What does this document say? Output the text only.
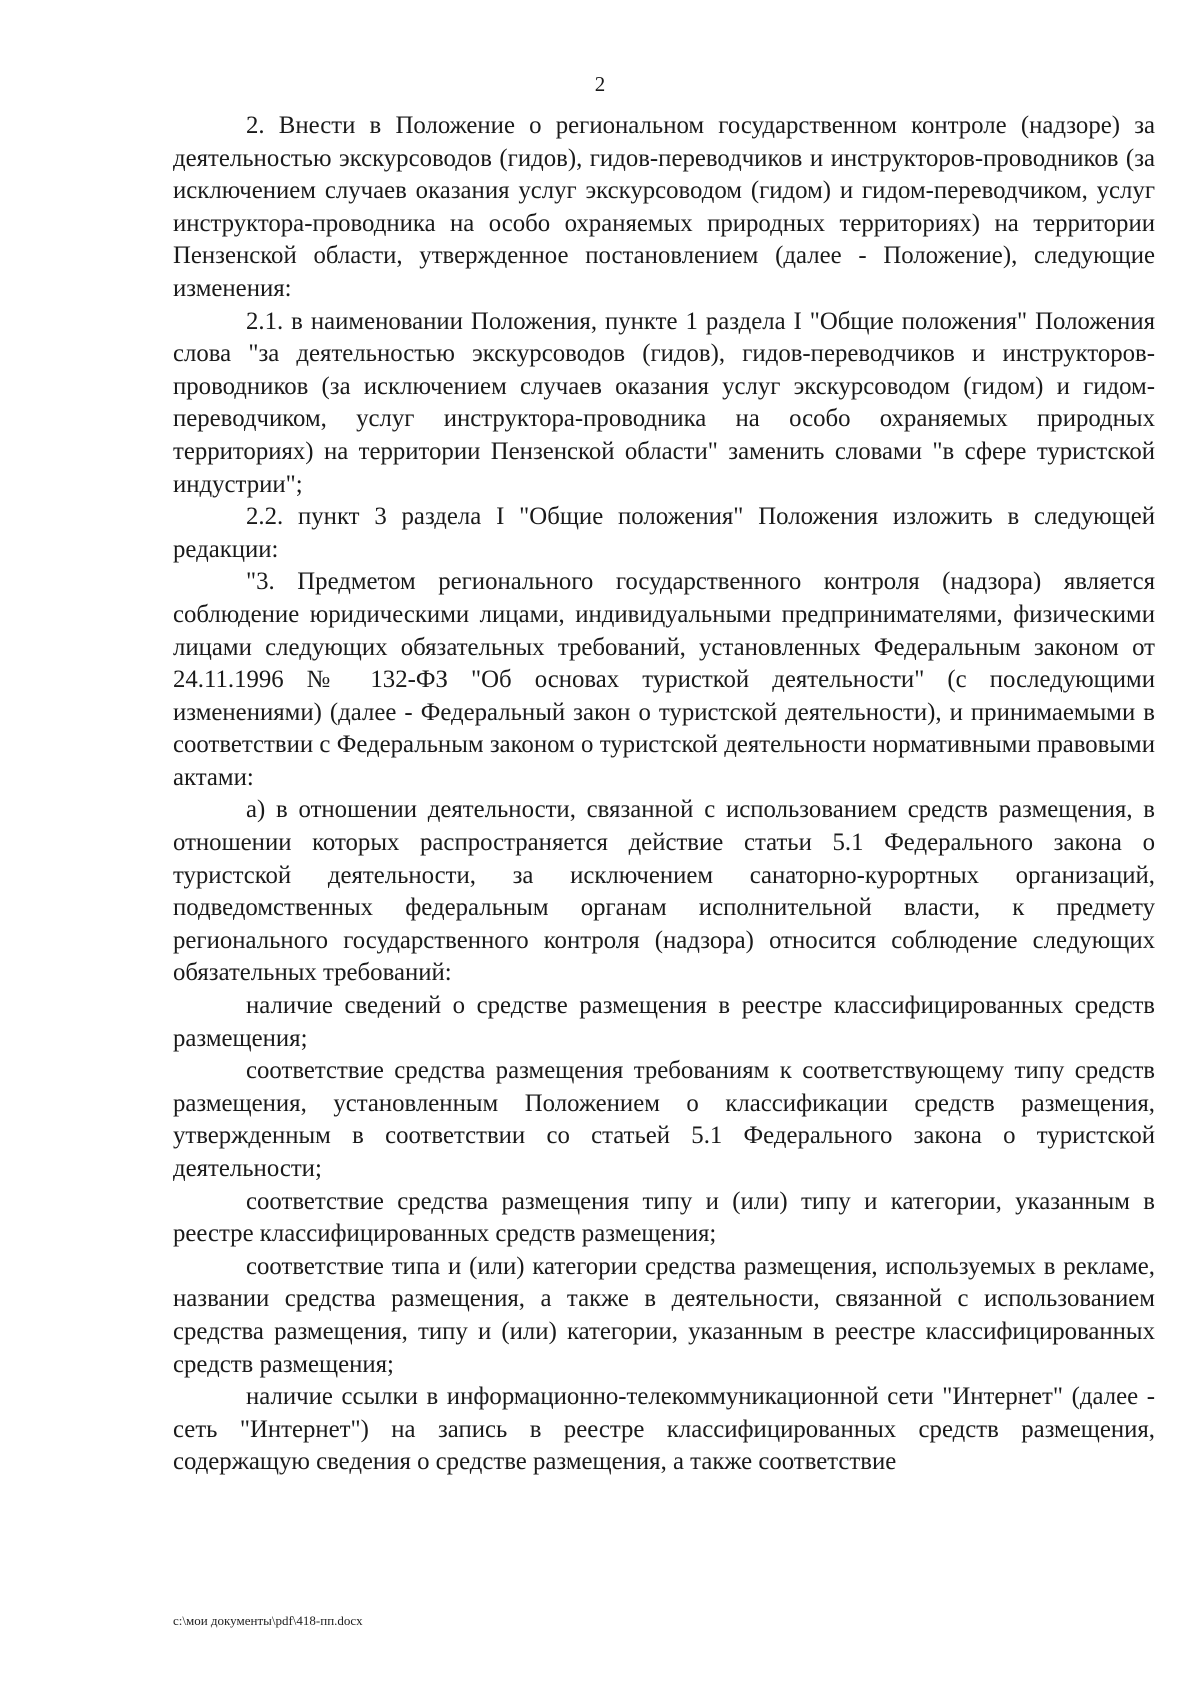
2

2. Внести в Положение о региональном государственном контроле (надзоре) за деятельностью экскурсоводов (гидов), гидов-переводчиков и инструкторов-проводников (за исключением случаев оказания услуг экскурсоводом (гидом) и гидом-переводчиком, услуг инструктора-проводника на особо охраняемых природных территориях) на территории Пензенской области, утвержденное постановлением (далее - Положение), следующие изменения:

2.1. в наименовании Положения, пункте 1 раздела I "Общие положения" Положения слова "за деятельностью экскурсоводов (гидов), гидов-переводчиков и инструкторов-проводников (за исключением случаев оказания услуг экскурсоводом (гидом) и гидом-переводчиком, услуг инструктора-проводника на особо охраняемых природных территориях) на территории Пензенской области" заменить словами "в сфере туристской индустрии";

2.2. пункт 3 раздела I "Общие положения" Положения изложить в следующей редакции:

"3. Предметом регионального государственного контроля (надзора) является соблюдение юридическими лицами, индивидуальными предпринимателями, физическими лицами следующих обязательных требований, установленных Федеральным законом от 24.11.1996 № 132-ФЗ "Об основах туристкой деятельности" (с последующими изменениями) (далее - Федеральный закон о туристской деятельности), и принимаемыми в соответствии с Федеральным законом о туристской деятельности нормативными правовыми актами:

а) в отношении деятельности, связанной с использованием средств размещения, в отношении которых распространяется действие статьи 5.1 Федерального закона о туристской деятельности, за исключением санаторно-курортных организаций, подведомственных федеральным органам исполнительной власти, к предмету регионального государственного контроля (надзора) относится соблюдение следующих обязательных требований:

наличие сведений о средстве размещения в реестре классифицированных средств размещения;

соответствие средства размещения требованиям к соответствующему типу средств размещения, установленным Положением о классификации средств размещения, утвержденным в соответствии со статьей 5.1 Федерального закона о туристской деятельности;

соответствие средства размещения типу и (или) типу и категории, указанным в реестре классифицированных средств размещения;

соответствие типа и (или) категории средства размещения, используемых в рекламе, названии средства размещения, а также в деятельности, связанной с использованием средства размещения, типу и (или) категории, указанным в реестре классифицированных средств размещения;

наличие ссылки в информационно-телекоммуникационной сети "Интернет" (далее - сеть "Интернет") на запись в реестре классифицированных средств размещения, содержащую сведения о средстве размещения, а также соответствие

c:\мои документы\pdf\418-пп.docx
